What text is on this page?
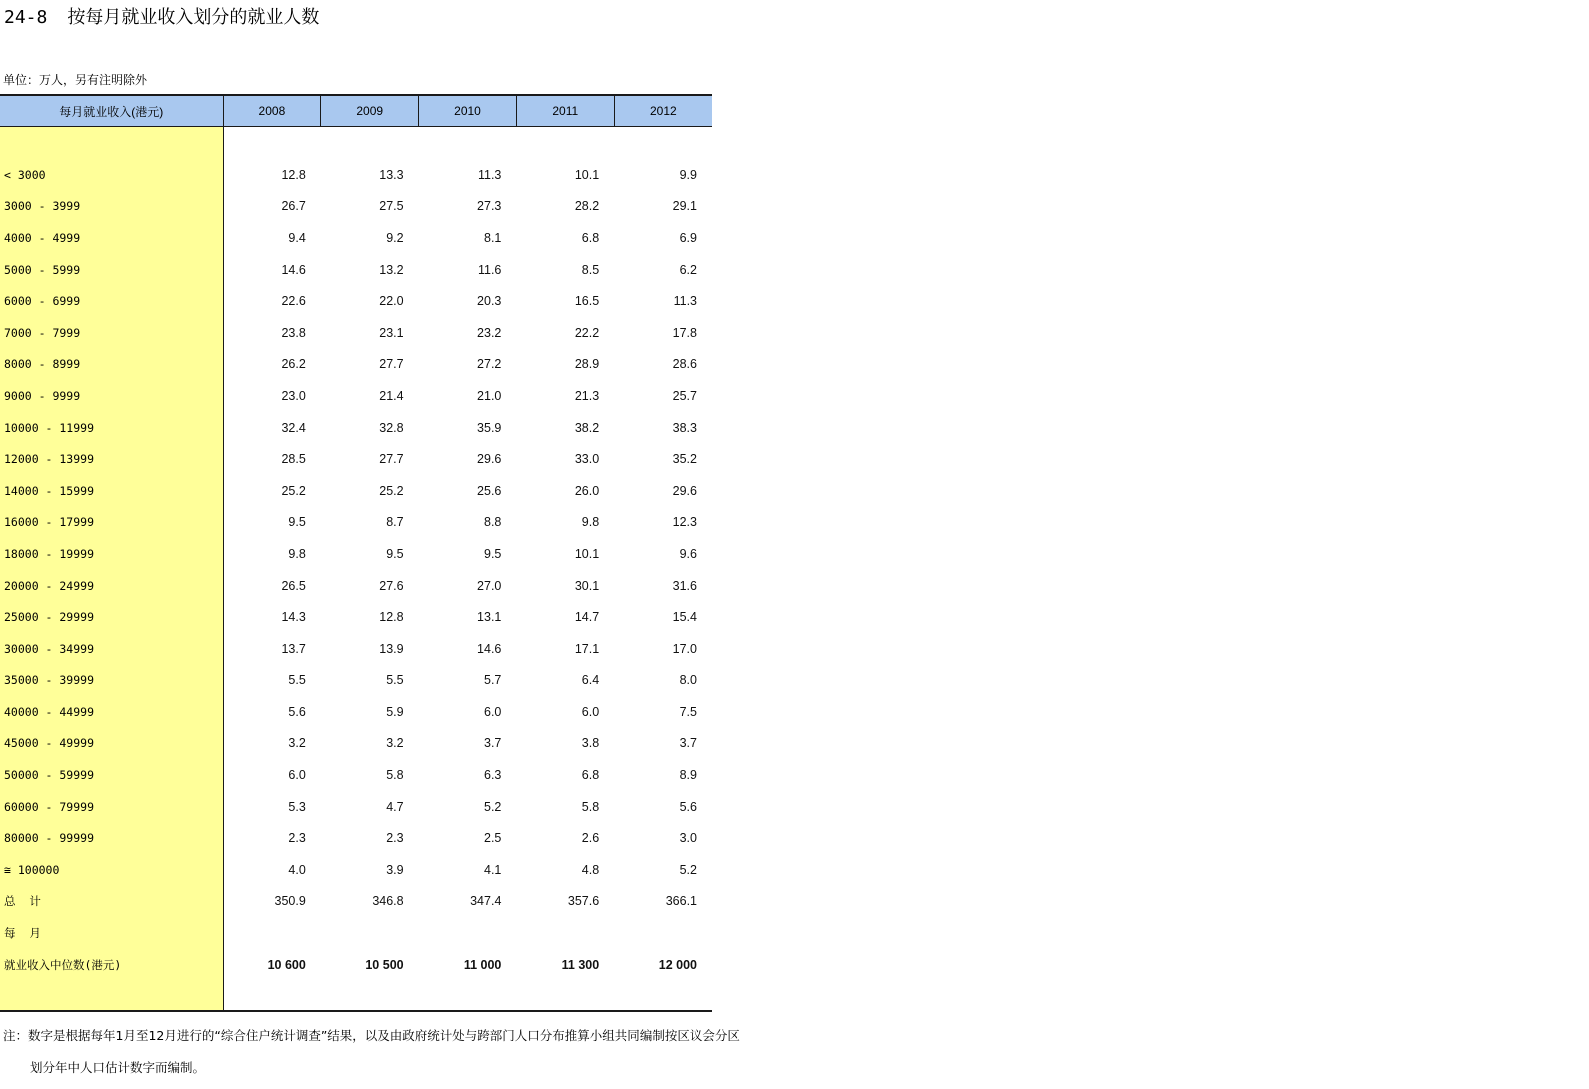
24-8 按每月就业收入划分的就业人数
单位：万人，另有注明除外
每月就业收入(港元)	2008	2009	2010	2011	2012

< 3000	12.8	13.3	11.3	10.1	9.9
3000 - 3999	26.7	27.5	27.3	28.2	29.1
4000 - 4999	9.4	9.2	8.1	6.8	6.9
5000 - 5999	14.6	13.2	11.6	8.5	6.2
6000 - 6999	22.6	22.0	20.3	16.5	11.3
7000 - 7999	23.8	23.1	23.2	22.2	17.8
8000 - 8999	26.2	27.7	27.2	28.9	28.6
9000 - 9999	23.0	21.4	21.0	21.3	25.7
10000 - 11999	32.4	32.8	35.9	38.2	38.3
12000 - 13999	28.5	27.7	29.6	33.0	35.2
14000 - 15999	25.2	25.2	25.6	26.0	29.6
16000 - 17999	9.5	8.7	8.8	9.8	12.3
18000 - 19999	9.8	9.5	9.5	10.1	9.6
20000 - 24999	26.5	27.6	27.0	30.1	31.6
25000 - 29999	14.3	12.8	13.1	14.7	15.4
30000 - 34999	13.7	13.9	14.6	17.1	17.0
35000 - 39999	5.5	5.5	5.7	6.4	8.0
40000 - 44999	5.6	5.9	6.0	6.0	7.5
45000 - 49999	3.2	3.2	3.7	3.8	3.7
50000 - 59999	6.0	5.8	6.3	6.8	8.9
60000 - 79999	5.3	4.7	5.2	5.8	5.6
80000 - 99999	2.3	2.3	2.5	2.6	3.0
≅ 100000	4.0	3.9	4.1	4.8	5.2
总  计	350.9	346.8	347.4	357.6	366.1
每  月					
就业收入中位数(港元)	10 600	10 500	11 000	11 300	12 000

注：数字是根据每年1月至12月进行的“综合住户统计调查”结果，以及由政府统计处与跨部门人口分布推算小组共同编制按区议会分区
划分年中人口估计数字而编制。
